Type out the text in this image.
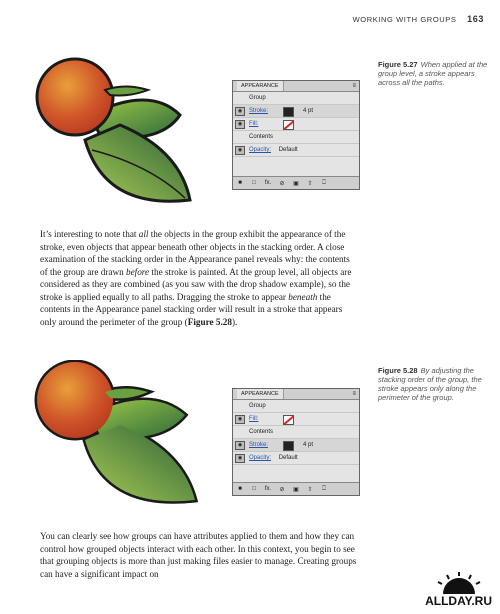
WORKING WITH GROUPS 163
APPEARANCE	≡
Group
◉	Stroke:	4 pt
◉	Fill:
Contents
◉	Opacity: Default
■	□	fx. ⊘ ▣ ⇧	⎕
Figure 5.27 When applied at the group level, a stroke appears across all the paths.

It’s interesting to note that all the objects in the group exhibit the appearance of the stroke, even objects that appear beneath other objects in the stacking order. A close examination of the stacking order in the Appearance panel reveals why: the contents of the group are drawn before the stroke is painted. At the group level, all objects are considered as they are combined (as you saw with the drop shadow example), so the stroke is applied equally to all paths. Dragging the stroke to appear beneath the contents in the Appearance panel stacking order will result in a stroke that appears only around the perimeter of the group (Figure 5.28).

APPEARANCE	≡
Group
◉	Fill:
Contents
◉	Stroke:	4 pt
◉	Opacity: Default
■	□	fx. ⊘ ▣ ⇧	⎕
Figure 5.28 By adjusting the stacking order of the group, the stroke appears only along the perimeter of the group.

You can clearly see how groups can have attributes applied to them and how they can control how grouped objects interact with each other. In this context, you begin to see that grouping objects is more than just making files easier to manage. Creating groups can have a significant impact on

ALLDAY.RU
